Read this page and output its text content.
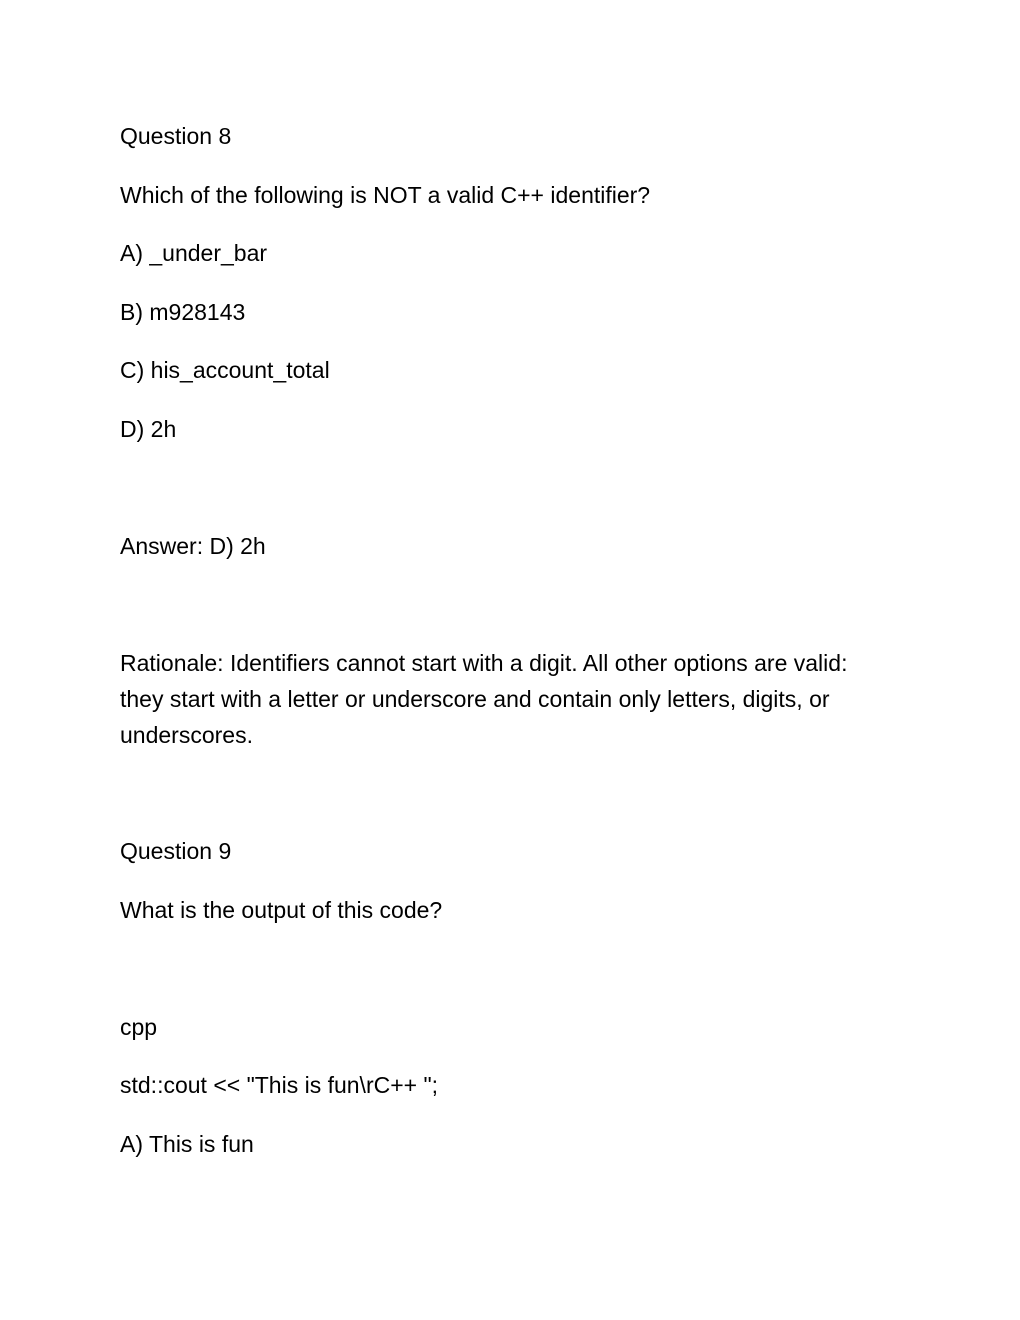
Question 8
Which of the following is NOT a valid C++ identifier?
A) _under_bar
B) m928143
C) his_account_total
D) 2h
Answer: D) 2h

Rationale: Identifiers cannot start with a digit. All other options are valid: they start with a letter or underscore and contain only letters, digits, or underscores.

Question 9
What is the output of this code?
cpp
std::cout << "This is fun\rC++ ";
A) This is fun
